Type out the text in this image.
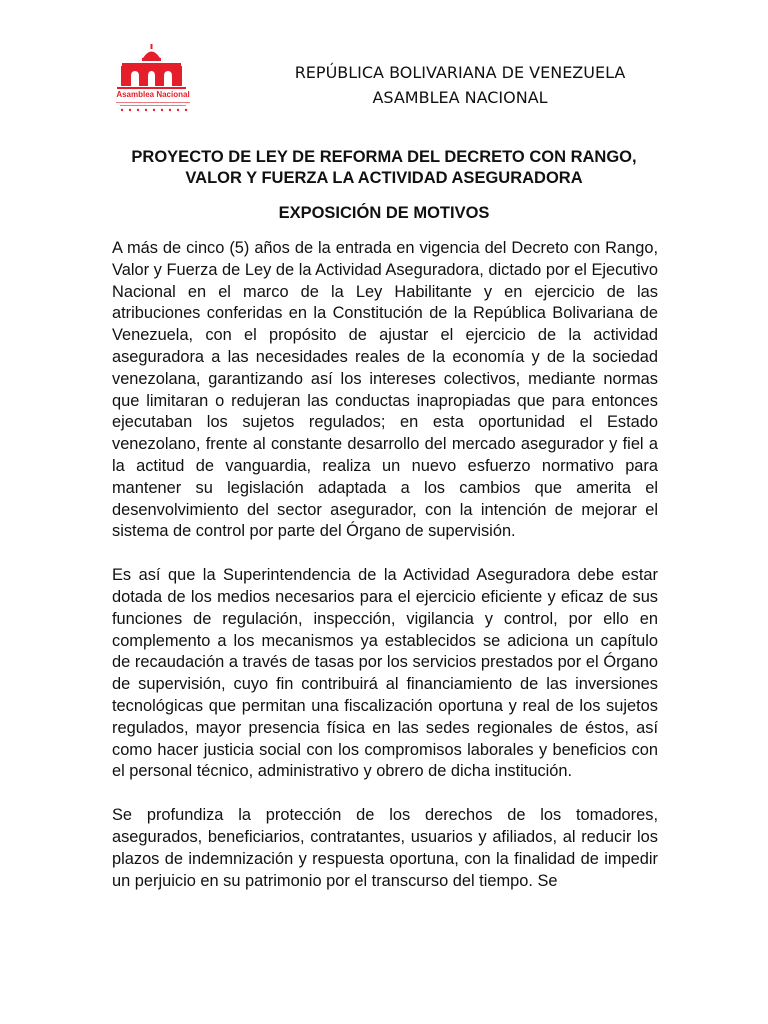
Asamblea Nacional
REPÚBLICA BOLIVARIANA DE VENEZUELA
ASAMBLEA NACIONAL
PROYECTO DE LEY DE REFORMA DEL DECRETO CON RANGO,
VALOR Y FUERZA LA ACTIVIDAD ASEGURADORA
EXPOSICIÓN DE MOTIVOS

A más de cinco (5) años de la entrada en vigencia del Decreto con Rango, Valor y Fuerza de Ley de la Actividad Aseguradora, dictado por el Ejecutivo Nacional en el marco de la Ley Habilitante y en ejercicio de las atribuciones conferidas en la Constitución de la República Bolivariana de Venezuela, con el propósito de ajustar el ejercicio de la actividad aseguradora a las necesidades reales de la economía y de la sociedad venezolana, garantizando así los intereses colectivos, mediante normas que limitaran o redujeran las conductas inapropiadas que para entonces ejecutaban los sujetos regulados; en esta oportunidad el Estado venezolano, frente al constante desarrollo del mercado asegurador y fiel a la actitud de vanguardia, realiza un nuevo esfuerzo normativo para mantener su legislación adaptada a los cambios que amerita el desenvolvimiento del sector asegurador, con la intención de mejorar el sistema de control por parte del Órgano de supervisión.

Es así que la Superintendencia de la Actividad Aseguradora debe estar dotada de los medios necesarios para el ejercicio eficiente y eficaz de sus funciones de regulación, inspección, vigilancia y control, por ello en complemento a los mecanismos ya establecidos se adiciona un capítulo de recaudación a través de tasas por los servicios prestados por el Órgano de supervisión, cuyo fin contribuirá al financiamiento de las inversiones tecnológicas que permitan una fiscalización oportuna y real de los sujetos regulados, mayor presencia física en las sedes regionales de éstos, así como hacer justicia social con los compromisos laborales y beneficios con el personal técnico, administrativo y obrero de dicha institución.

Se profundiza la protección de los derechos de los tomadores, asegurados, beneficiarios, contratantes, usuarios y afiliados, al reducir los plazos de indemnización y respuesta oportuna, con la finalidad de impedir un perjuicio en su patrimonio por el transcurso del tiempo. Se
